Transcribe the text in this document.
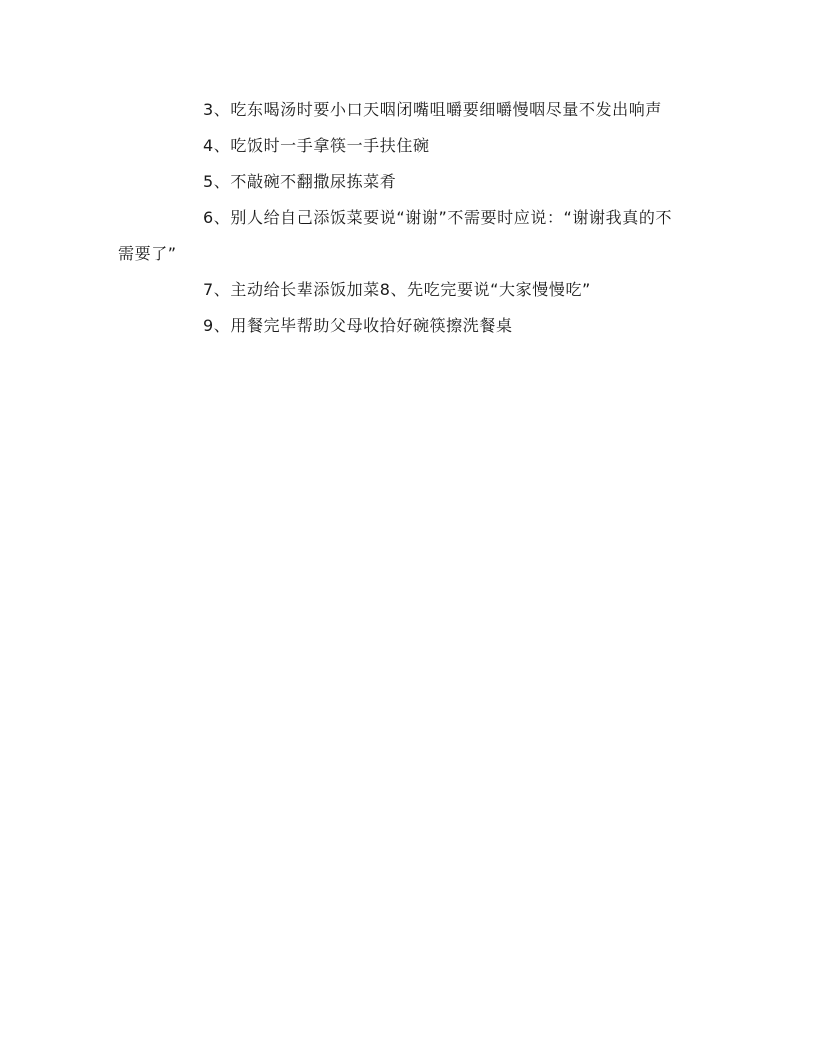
3、吃东喝汤时要小口天咽闭嘴咀嚼要细嚼慢咽尽量不发出响声

4、吃饭时一手拿筷一手扶住碗

5、不敲碗不翻撒尿拣菜肴

6、别人给自己添饭菜要说“谢谢”不需要时应说：“谢谢我真的不需要了”

7、主动给长辈添饭加菜8、先吃完要说“大家慢慢吃”

9、用餐完毕帮助父母收拾好碗筷擦洗餐桌
